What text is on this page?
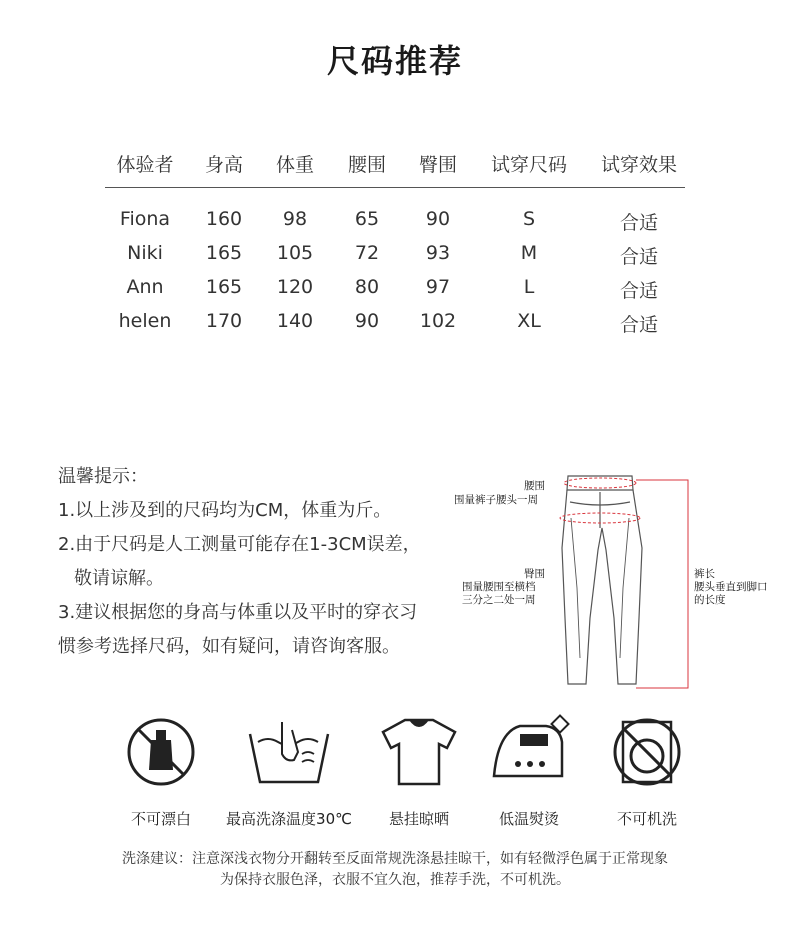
尺码推荐
体验者 身高 体重 腰围 臀围 试穿尺码 试穿效果
Fiona 160 98	65 90	S	合适
Niki 165 105 72 93	M	合适
Ann 165 120 80 97	L	合适
helen 170 140 90 102	XL	合适
温馨提示：
1.以上涉及到的尺码均为CM，体重为斤。
2.由于尺码是人工测量可能存在1-3CM误差，
敬请谅解。
3.建议根据您的身高与体重以及平时的穿衣习
惯参考选择尺码，如有疑问，请咨询客服。
腰围
围量裤子腰头一周
臀围
围量腰围至横档
三分之二处一周
裤长
腰头垂直到脚口
的长度
不可漂白	最高洗涤温度30℃	悬挂晾晒	低温熨烫	不可机洗
洗涤建议：注意深浅衣物分开翻转至反面常规洗涤悬挂晾干，如有轻微浮色属于正常现象
为保持衣服色泽，衣服不宜久泡，推荐手洗，不可机洗。
